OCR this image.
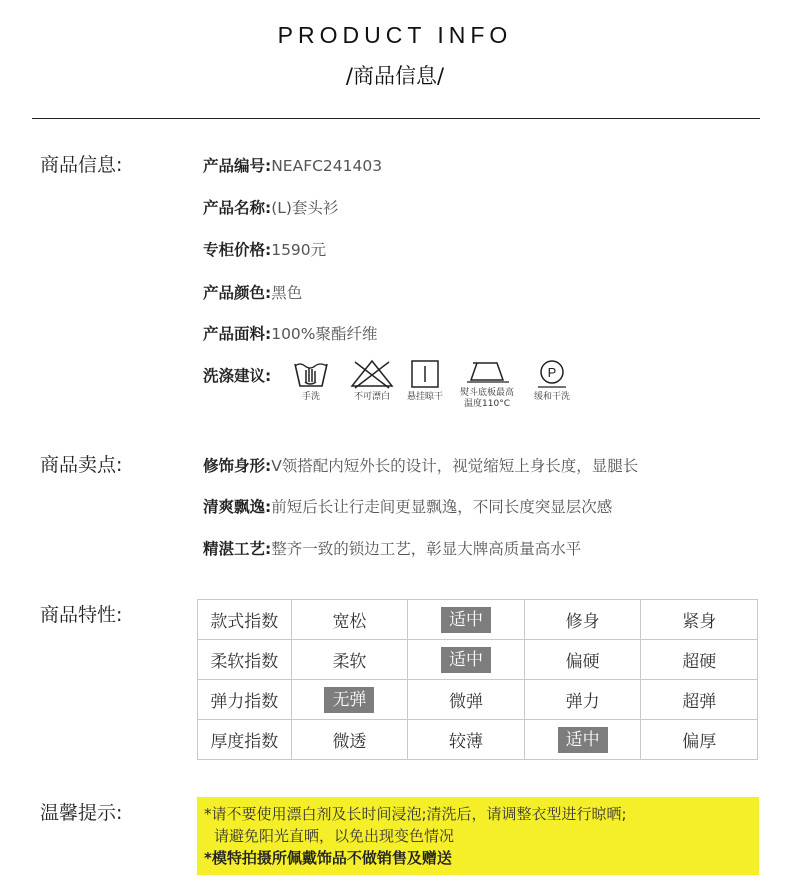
PRODUCT INFO
/商品信息/
商品信息:	产品编号:NEAFC241403
产品名称:(L)套头衫
专柜价格:1590元
产品颜色:黑色
产品面料:100%聚酯纤维
洗涤建议:
手洗	不可漂白	悬挂晾干	熨斗底板最高
温度110°C
P
缓和干洗
商品卖点:	修饰身形:V领搭配内短外长的设计，视觉缩短上身长度，显腿长
清爽飘逸:前短后长让行走间更显飘逸，不同长度突显层次感
精湛工艺:整齐一致的锁边工艺，彰显大牌高质量高水平
商品特性:	款式指数	宽松	适中	修身	紧身
柔软指数	柔软	适中	偏硬	超硬
弹力指数	无弹	微弹	弹力	超弹
厚度指数	微透	较薄	适中	偏厚
温馨提示:	*请不要使用漂白剂及长时间浸泡;清洗后，请调整衣型进行晾晒;
请避免阳光直晒，以免出现变色情况
*模特拍摄所佩戴饰品不做销售及赠送
